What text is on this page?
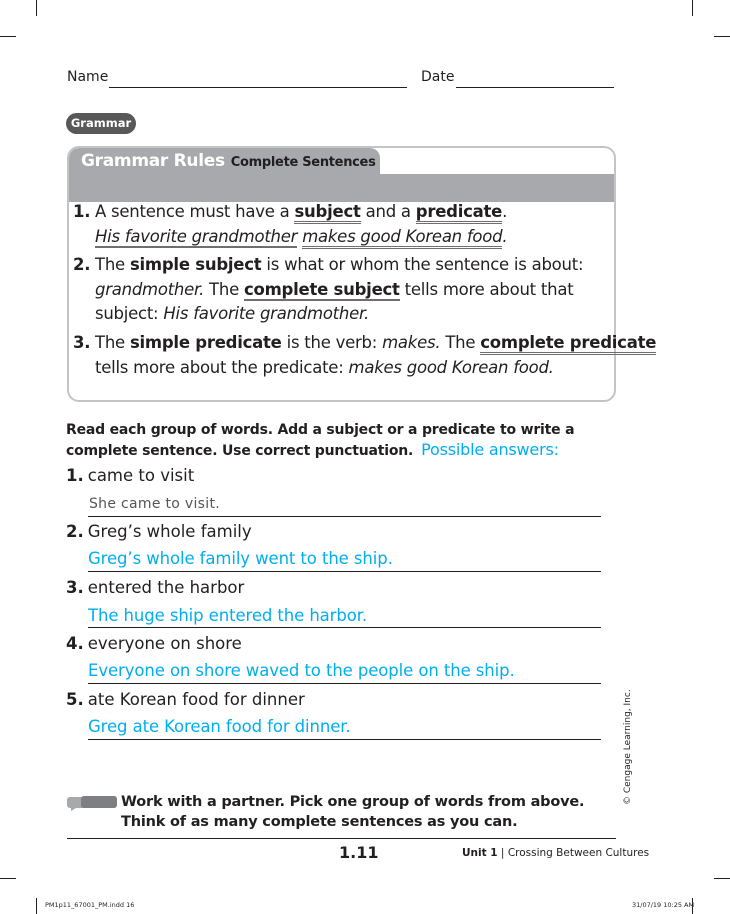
Name	Date
Grammar
Grammar Rules Complete Sentences
1. A sentence must have a subject and a predicate.
His favorite grandmother makes good Korean food.
2. The simple subject is what or whom the sentence is about:
grandmother. The complete subject tells more about that
subject: His favorite grandmother.
3. The simple predicate is the verb: makes. The complete predicate
tells more about the predicate: makes good Korean food.
Read each group of words. Add a subject or a predicate to write a complete sentence. Use correct punctuation. Possible answers:
1. came to visit
She came to visit.
2. Greg’s whole family
Greg’s whole family went to the ship.
3. entered the harbor
The huge ship entered the harbor.
4. everyone on shore
Everyone on shore waved to the people on the ship.
5. ate Korean food for dinner
Greg ate Korean food for dinner.
Work with a partner. Pick one group of words from above. Think of as many complete sentences as you can.
1.11	Unit 1 | Crossing Between Cultures
© Cengage Learning, Inc.
PM1p11_67001_PM.indd 16	31/07/19 10:25 AM
